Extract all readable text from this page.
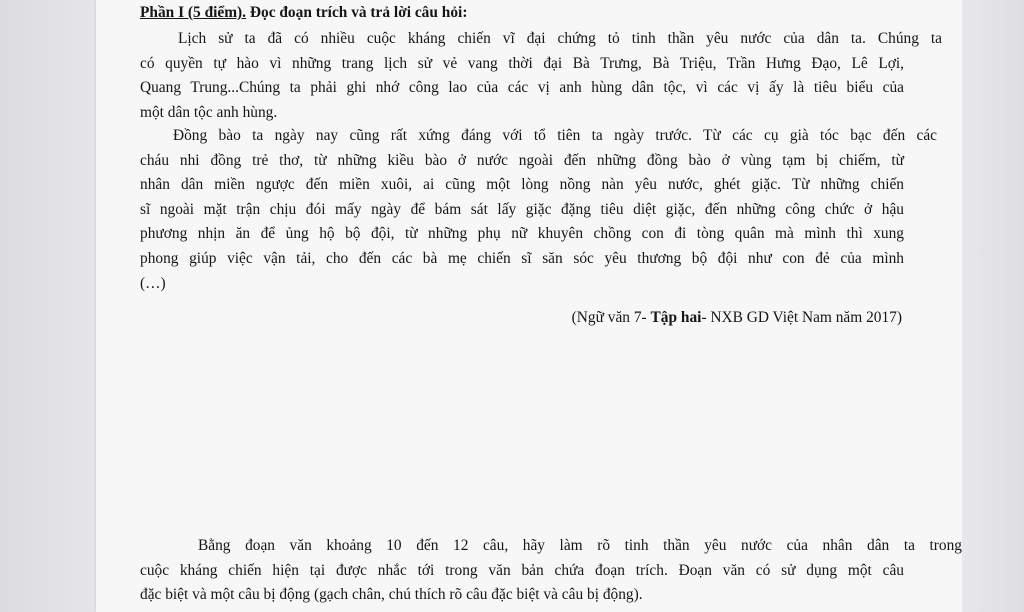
Phần I (5 điểm). Đọc đoạn trích và trả lời câu hỏi:
Lịch sử ta đã có nhiều cuộc kháng chiến vĩ đại chứng tỏ tinh thần yêu nước của dân ta. Chúng ta
có quyền tự hào vì những trang lịch sử vẻ vang thời đại Bà Trưng, Bà Triệu, Trần Hưng Đạo, Lê Lợi,
Quang Trung...Chúng ta phải ghi nhớ công lao của các vị anh hùng dân tộc, vì các vị ấy là tiêu biểu của
một dân tộc anh hùng.
Đồng bào ta ngày nay cũng rất xứng đáng với tổ tiên ta ngày trước. Từ các cụ già tóc bạc đến các
cháu nhi đồng trẻ thơ, từ những kiều bào ở nước ngoài đến những đồng bào ở vùng tạm bị chiếm, từ
nhân dân miền ngược đến miền xuôi, ai cũng một lòng nồng nàn yêu nước, ghét giặc. Từ những chiến
sĩ ngoài mặt trận chịu đói mấy ngày để bám sát lấy giặc đặng tiêu diệt giặc, đến những công chức ở hậu
phương nhịn ăn để ủng hộ bộ đội, từ những phụ nữ khuyên chồng con đi tòng quân mà mình thì xung
phong giúp việc vận tải, cho đến các bà mẹ chiến sĩ săn sóc yêu thương bộ đội như con đẻ của mình
(…)
(Ngữ văn 7- Tập hai- NXB GD Việt Nam năm 2017)
Bằng đoạn văn khoảng 10 đến 12 câu, hãy làm rõ tinh thần yêu nước của nhân dân ta trong
cuộc kháng chiến hiện tại được nhắc tới trong văn bản chứa đoạn trích. Đoạn văn có sử dụng một câu
đặc biệt và một câu bị động (gạch chân, chú thích rõ câu đặc biệt và câu bị động).
